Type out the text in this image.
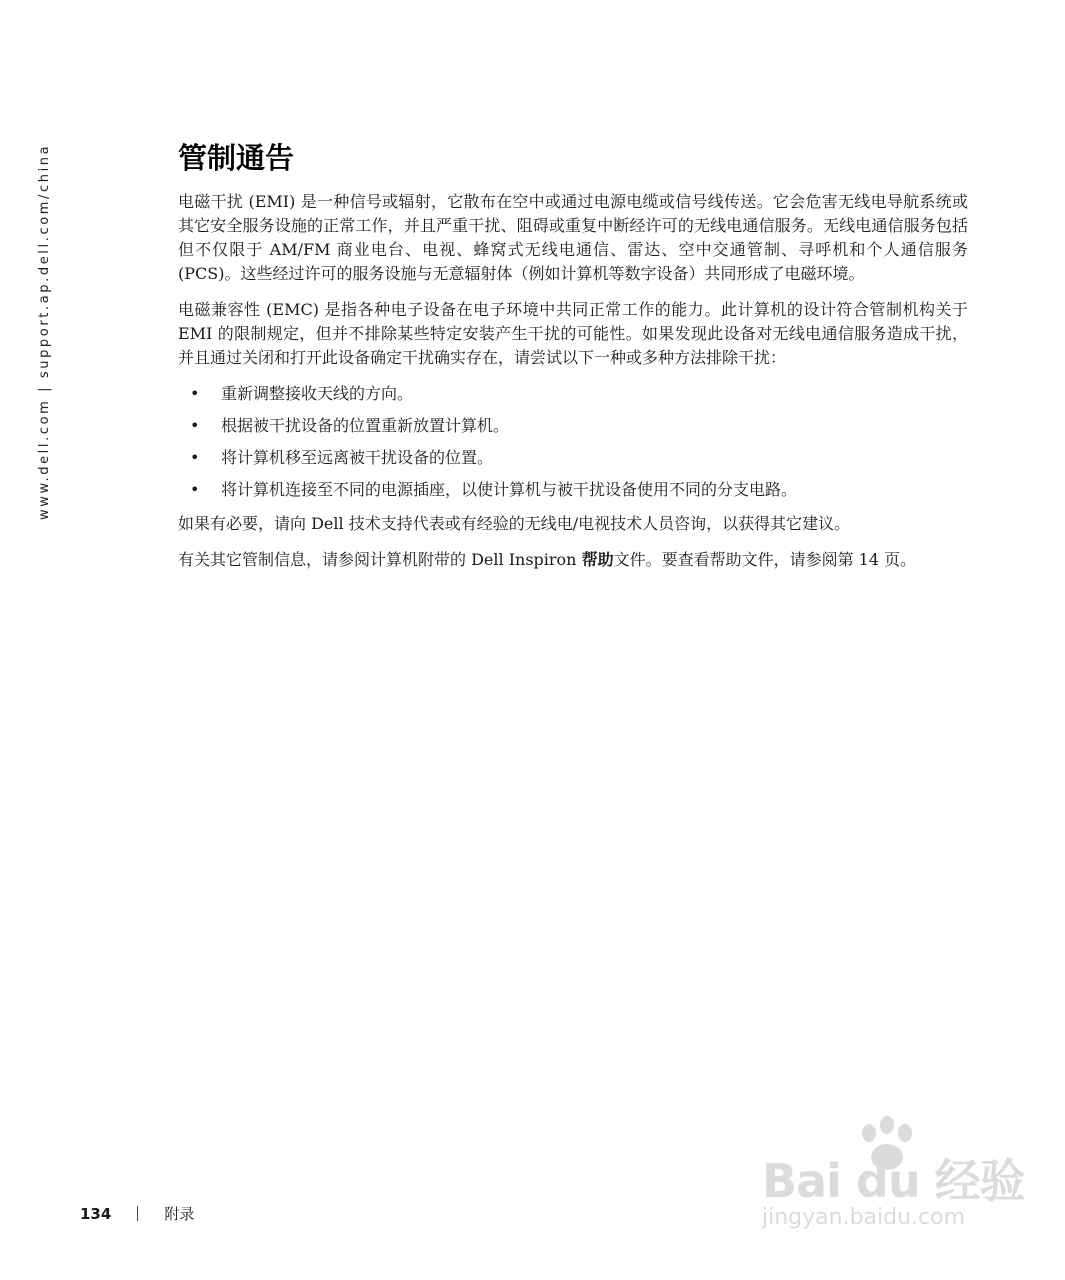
www.dell.com | support.ap.dell.com/china	管制通告

电磁干扰 (EMI) 是一种信号或辐射，它散布在空中或通过电源电缆或信号线传送。它会危害无线电导航系统或其它安全服务设施的正常工作，并且严重干扰、阻碍或重复中断经许可的无线电通信服务。无线电通信服务包括但不仅限于 AM/FM 商业电台、电视、蜂窝式无线电通信、雷达、空中交通管制、寻呼机和个人通信服务 (PCS)。这些经过许可的服务设施与无意辐射体（例如计算机等数字设备）共同形成了电磁环境。

电磁兼容性 (EMC) 是指各种电子设备在电子环境中共同正常工作的能力。此计算机的设计符合管制机构关于 EMI 的限制规定，但并不排除某些特定安装产生干扰的可能性。如果发现此设备对无线电通信服务造成干扰，并且通过关闭和打开此设备确定干扰确实存在，请尝试以下一种或多种方法排除干扰：

• 重新调整接收天线的方向。
• 根据被干扰设备的位置重新放置计算机。
• 将计算机移至远离被干扰设备的位置。
• 将计算机连接至不同的电源插座，以使计算机与被干扰设备使用不同的分支电路。

如果有必要，请向 Dell 技术支持代表或有经验的无线电/电视技术人员咨询，以获得其它建议。

有关其它管制信息，请参阅计算机附带的 Dell Inspiron 帮助文件。要查看帮助文件，请参阅第 14 页。

134	附录
Bai du 经验
jingyan.baidu.com
